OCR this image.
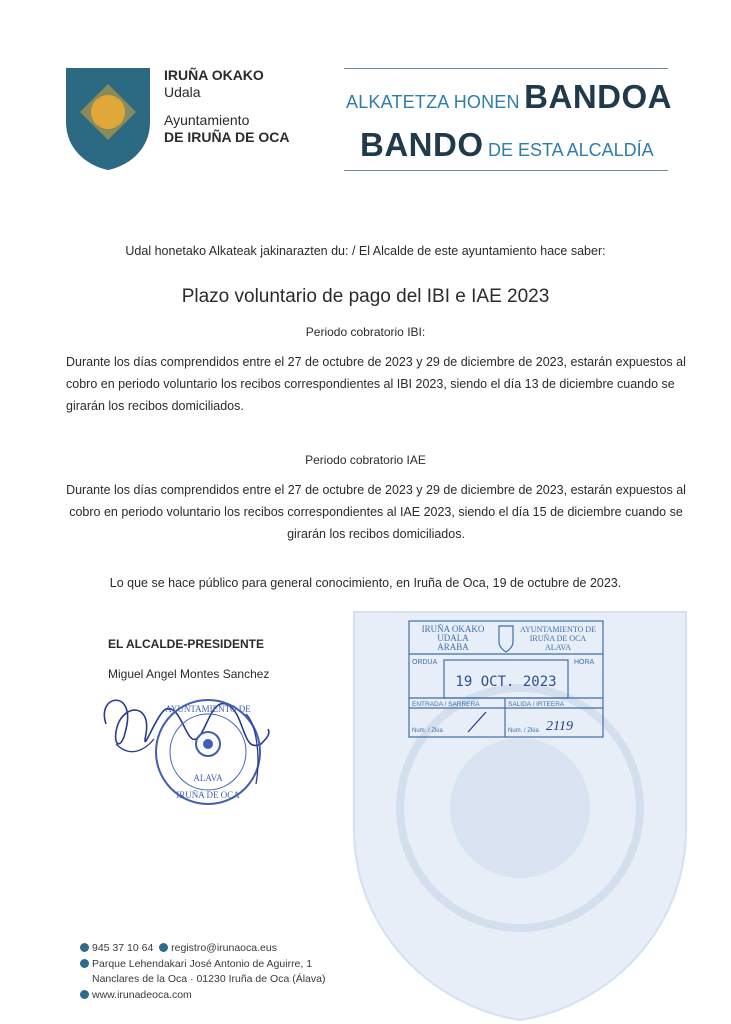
IRUÑA OKAKO
Udala
Ayuntamiento
DE IRUÑA DE OCA
ALKATETZA HONEN BANDOA
BANDO DE ESTA ALCALDÍA
Udal honetako Alkateak jakinarazten du: / El Alcalde de este ayuntamiento hace saber:
Plazo voluntario de pago del IBI e IAE 2023
Periodo cobratorio IBI:
Durante los días comprendidos entre el 27 de octubre de 2023 y 29 de diciembre de 2023, estarán expuestos al cobro en periodo voluntario los recibos correspondientes al IBI 2023, siendo el día 13 de diciembre cuando se girarán los recibos domiciliados.
Periodo cobratorio IAE
Durante los días comprendidos entre el 27 de octubre de 2023 y 29 de diciembre de 2023, estarán expuestos al cobro en periodo voluntario los recibos correspondientes al IAE 2023, siendo el día 15 de diciembre cuando se girarán los recibos domiciliados.
Lo que se hace público para general conocimiento, en Iruña de Oca, 19 de octubre de 2023.
EL ALCALDE-PRESIDENTE
Miguel Angel Montes Sanchez
AYUNTAMIENTO DE
ALAVA
IRUÑA DE OCA
IRUÑA OKAKO
UDALA
ARABA
AYUNTAMIENTO DE
IRUÑA DE OCA
ALAVA
ORDUA	HORA
ENTRADA / SARRERA	SALIDA / IRTEERA
Num. / Zkia	Num. / Zkia
19 OCT. 2023
2119
945 37 10 64 registro@irunaoca.eus
Parque Lehendakari José Antonio de Aguirre, 1
Nanclares de la Oca · 01230 Iruña de Oca (Álava)
www.irunadeoca.com
